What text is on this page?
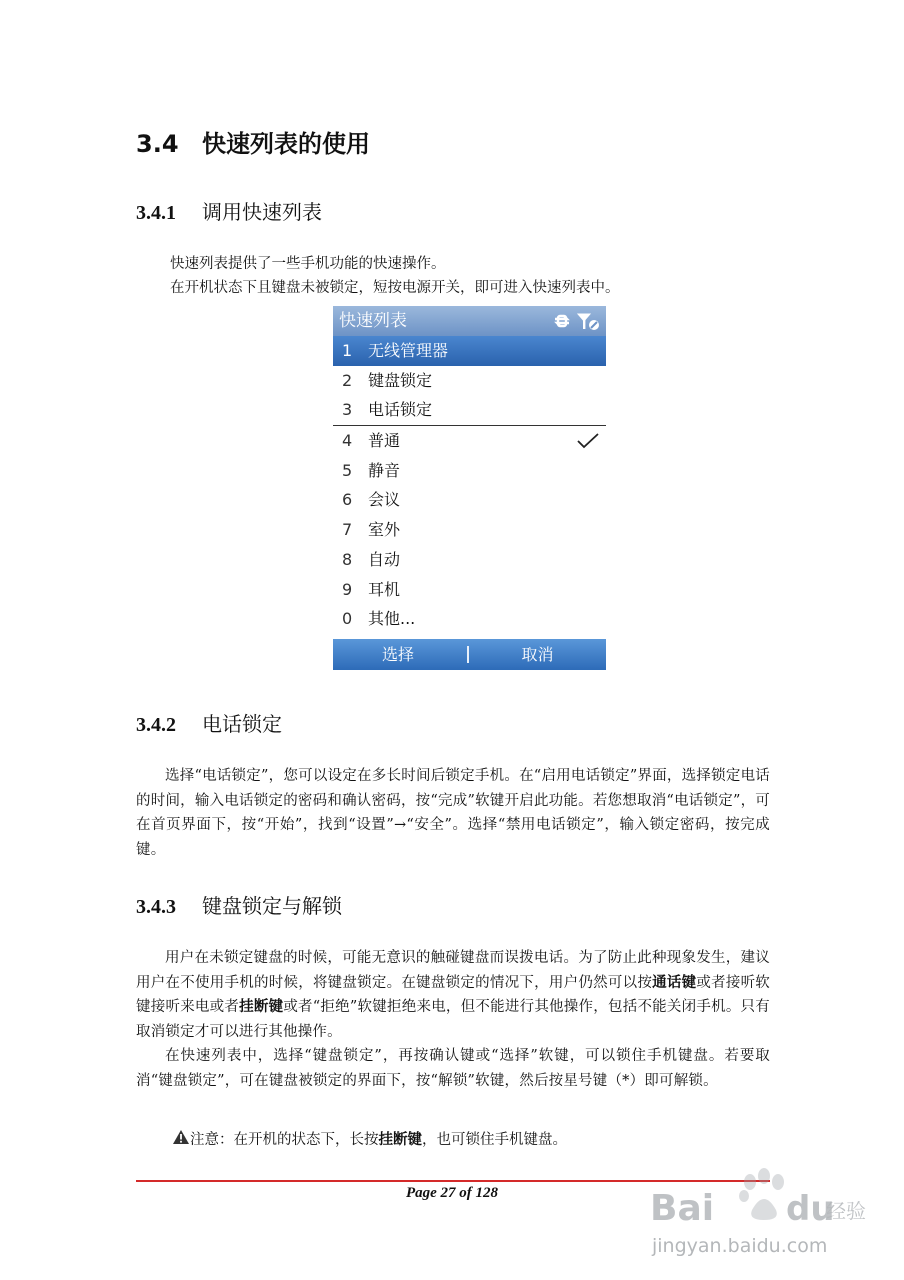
3.4 快速列表的使用
3.4.1 调用快速列表
快速列表提供了一些手机功能的快速操作。
在开机状态下且键盘未被锁定，短按电源开关，即可进入快速列表中。
快速列表
1 无线管理器
2 键盘锁定
3 电话锁定
4 普通
5 静音
6 会议
7 室外
8 自动
9 耳机
0 其他...
选择	取消
3.4.2 电话锁定

选择“电话锁定”，您可以设定在多长时间后锁定手机。在“启用电话锁定”界面，选择锁定电话的时间，输入电话锁定的密码和确认密码，按“完成”软键开启此功能。若您想取消“电话锁定”，可在首页界面下，按“开始”，找到“设置”→“安全”。选择“禁用电话锁定”，输入锁定密码，按完成键。

3.4.3 键盘锁定与解锁

用户在未锁定键盘的时候，可能无意识的触碰键盘而误拨电话。为了防止此种现象发生，建议用户在不使用手机的时候，将键盘锁定。在键盘锁定的情况下，用户仍然可以按通话键或者接听软键接听来电或者挂断键或者“拒绝”软键拒绝来电，但不能进行其他操作，包括不能关闭手机。只有取消锁定才可以进行其他操作。

在快速列表中，选择“键盘锁定”，再按确认键或“选择”软键，可以锁住手机键盘。若要取消“键盘锁定”，可在键盘被锁定的界面下，按“解锁”软键，然后按星号键（*）即可解锁。

注意：在开机的状态下，长按挂断键，也可锁住手机键盘。
Page 27 of 128	Bai du
经验
jingyan.baidu.com
